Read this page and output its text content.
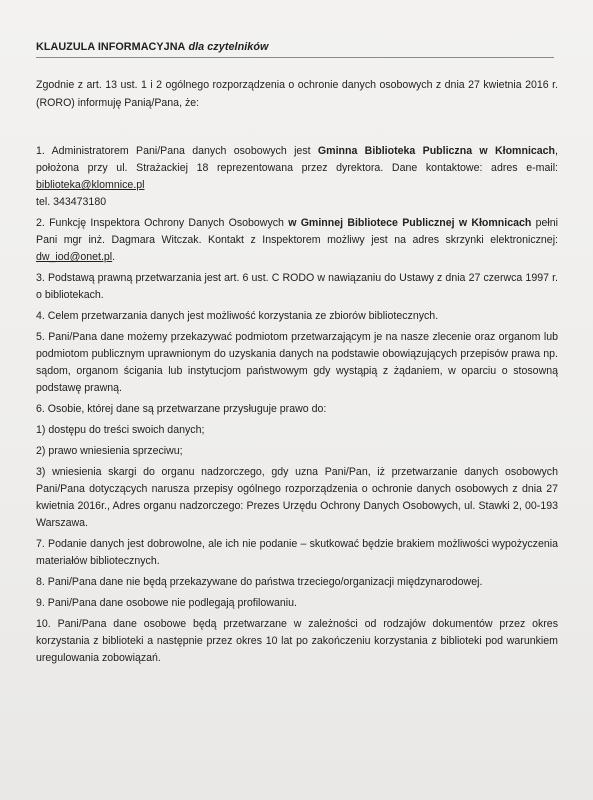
KLAUZULA INFORMACYJNA dla czytelników
Zgodnie z art. 13 ust. 1 i 2 ogólnego rozporządzenia o ochronie danych osobowych z dnia 27 kwietnia 2016 r. (RORO) informuję Panią/Pana, że:
1. Administratorem Pani/Pana danych osobowych jest Gminna Biblioteka Publiczna w Kłomnicach, położona przy ul. Strażackiej 18 reprezentowana przez dyrektora. Dane kontaktowe: adres e-mail: biblioteka@klomnice.pl
tel. 343473180
2. Funkcję Inspektora Ochrony Danych Osobowych w Gminnej Bibliotece Publicznej w Kłomnicach pełni Pani mgr inż. Dagmara Witczak. Kontakt z Inspektorem możliwy jest na adres skrzynki elektronicznej: dw_iod@onet.pl.
3. Podstawą prawną przetwarzania jest art. 6 ust. C RODO w nawiązaniu do Ustawy z dnia 27 czerwca 1997 r. o bibliotekach.
4. Celem przetwarzania danych jest możliwość korzystania ze zbiorów bibliotecznych.
5. Pani/Pana dane możemy przekazywać podmiotom przetwarzającym je na nasze zlecenie oraz organom lub podmiotom publicznym uprawnionym do uzyskania danych na podstawie obowiązujących przepisów prawa np. sądom, organom ścigania lub instytucjom państwowym gdy wystąpią z żądaniem, w oparciu o stosowną podstawę prawną.
6. Osobie, której dane są przetwarzane przysługuje prawo do:
1) dostępu do treści swoich danych;
2) prawo wniesienia sprzeciwu;
3) wniesienia skargi do organu nadzorczego, gdy uzna Pani/Pan, iż przetwarzanie danych osobowych Pani/Pana dotyczących narusza przepisy ogólnego rozporządzenia o ochronie danych osobowych z dnia 27 kwietnia 2016r., Adres organu nadzorczego: Prezes Urzędu Ochrony Danych Osobowych, ul. Stawki 2, 00-193 Warszawa.
7. Podanie danych jest dobrowolne, ale ich nie podanie – skutkować będzie brakiem możliwości wypożyczenia materiałów bibliotecznych.
8. Pani/Pana dane nie będą przekazywane do państwa trzeciego/organizacji międzynarodowej.
9. Pani/Pana dane osobowe nie podlegają profilowaniu.
10. Pani/Pana dane osobowe będą przetwarzane w zależności od rodzajów dokumentów przez okres korzystania z biblioteki a następnie przez okres 10 lat po zakończeniu korzystania z biblioteki pod warunkiem uregulowania zobowiązań.
